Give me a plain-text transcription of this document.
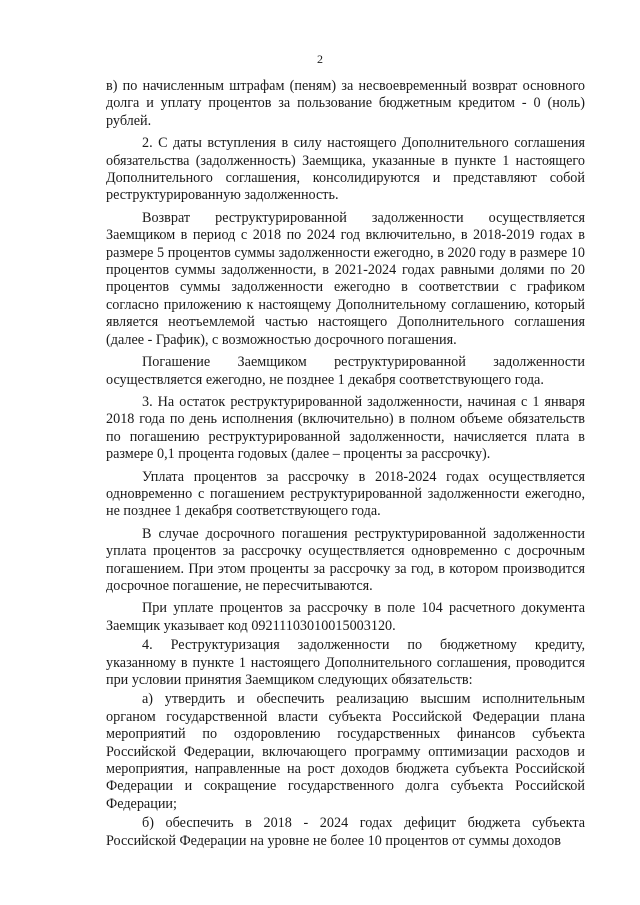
2

в) по начисленным штрафам (пеням) за несвоевременный возврат основного долга и уплату процентов за пользование бюджетным кредитом - 0 (ноль) рублей.

2. С даты вступления в силу настоящего Дополнительного соглашения обязательства (задолженность) Заемщика, указанные в пункте 1 настоящего Дополнительного соглашения, консолидируются и представляют собой реструктурированную задолженность.

Возврат реструктурированной задолженности осуществляется Заемщиком в период с 2018 по 2024 год включительно, в 2018-2019 годах в размере 5 процентов суммы задолженности ежегодно, в 2020 году в размере 10 процентов суммы задолженности, в 2021-2024 годах равными долями по 20 процентов суммы задолженности ежегодно в соответствии с графиком согласно приложению к настоящему Дополнительному соглашению, который является неотъемлемой частью настоящего Дополнительного соглашения (далее - График), с возможностью досрочного погашения.

Погашение Заемщиком реструктурированной задолженности осуществляется ежегодно, не позднее 1 декабря соответствующего года.

3. На остаток реструктурированной задолженности, начиная с 1 января 2018 года по день исполнения (включительно) в полном объеме обязательств по погашению реструктурированной задолженности, начисляется плата в размере 0,1 процента годовых (далее – проценты за рассрочку).

Уплата процентов за рассрочку в 2018-2024 годах осуществляется одновременно с погашением реструктурированной задолженности ежегодно, не позднее 1 декабря соответствующего года.

В случае досрочного погашения реструктурированной задолженности уплата процентов за рассрочку осуществляется одновременно с досрочным погашением. При этом проценты за рассрочку за год, в котором производится досрочное погашение, не пересчитываются.

При уплате процентов за рассрочку в поле 104 расчетного документа Заемщик указывает код 09211103010015003120.

4. Реструктуризация задолженности по бюджетному кредиту, указанному в пункте 1 настоящего Дополнительного соглашения, проводится при условии принятия Заемщиком следующих обязательств:

а) утвердить и обеспечить реализацию высшим исполнительным органом государственной власти субъекта Российской Федерации плана мероприятий по оздоровлению государственных финансов субъекта Российской Федерации, включающего программу оптимизации расходов и мероприятия, направленные на рост доходов бюджета субъекта Российской Федерации и сокращение государственного долга субъекта Российской Федерации;

б) обеспечить в 2018 - 2024 годах дефицит бюджета субъекта Российской Федерации на уровне не более 10 процентов от суммы доходов
